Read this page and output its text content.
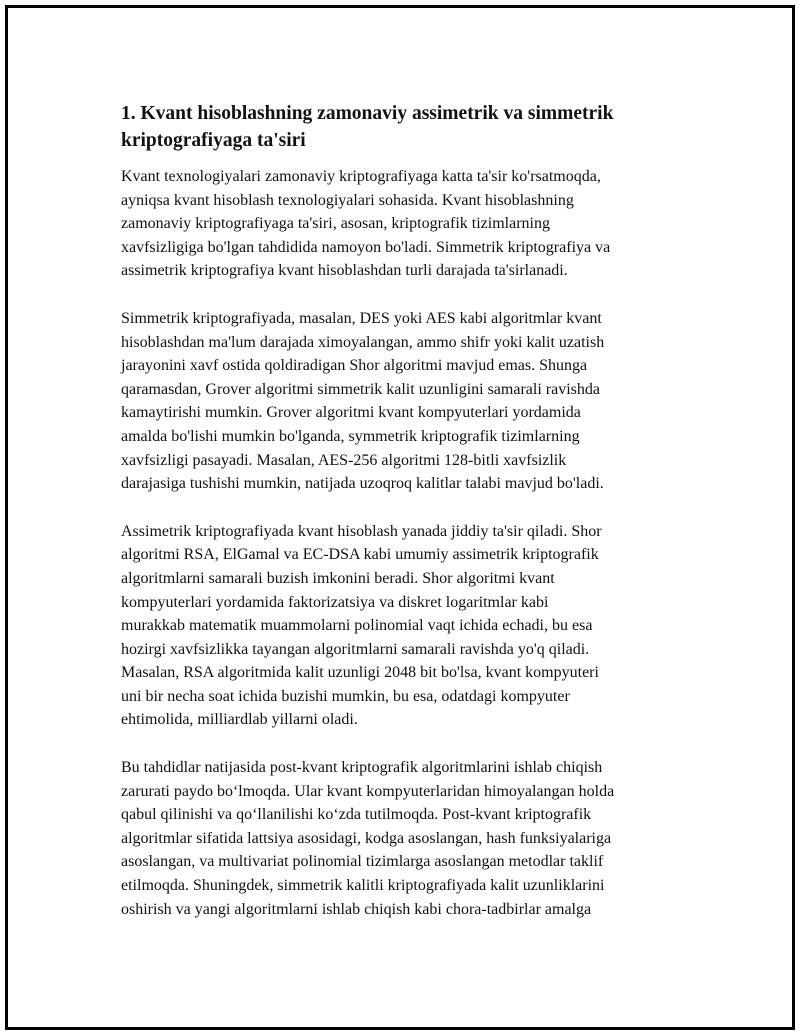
1. Kvant hisoblashning zamonaviy assimetrik va simmetrik
kriptografiyaga ta'siri
Kvant texnologiyalari zamonaviy kriptografiyaga katta ta'sir ko'rsatmoqda,
ayniqsa kvant hisoblash texnologiyalari sohasida. Kvant hisoblashning
zamonaviy kriptografiyaga ta'siri, asosan, kriptografik tizimlarning
xavfsizligiga bo'lgan tahdidida namoyon bo'ladi. Simmetrik kriptografiya va
assimetrik kriptografiya kvant hisoblashdan turli darajada ta'sirlanadi.
Simmetrik kriptografiyada, masalan, DES yoki AES kabi algoritmlar kvant
hisoblashdan ma'lum darajada ximoyalangan, ammo shifr yoki kalit uzatish
jarayonini xavf ostida qoldiradigan Shor algoritmi mavjud emas. Shunga
qaramasdan, Grover algoritmi simmetrik kalit uzunligini samarali ravishda
kamaytirishi mumkin. Grover algoritmi kvant kompyuterlari yordamida
amalda bo'lishi mumkin bo'lganda, symmetrik kriptografik tizimlarning
xavfsizligi pasayadi. Masalan, AES-256 algoritmi 128-bitli xavfsizlik
darajasiga tushishi mumkin, natijada uzoqroq kalitlar talabi mavjud bo'ladi.
Assimetrik kriptografiyada kvant hisoblash yanada jiddiy ta'sir qiladi. Shor
algoritmi RSA, ElGamal va EC-DSA kabi umumiy assimetrik kriptografik
algoritmlarni samarali buzish imkonini beradi. Shor algoritmi kvant
kompyuterlari yordamida faktorizatsiya va diskret logaritmlar kabi
murakkab matematik muammolarni polinomial vaqt ichida echadi, bu esa
hozirgi xavfsizlikka tayangan algoritmlarni samarali ravishda yo'q qiladi.
Masalan, RSA algoritmida kalit uzunligi 2048 bit bo'lsa, kvant kompyuteri
uni bir necha soat ichida buzishi mumkin, bu esa, odatdagi kompyuter
ehtimolida, milliardlab yillarni oladi.
Bu tahdidlar natijasida post-kvant kriptografik algoritmlarini ishlab chiqish
zarurati paydo bo‘lmoqda. Ular kvant kompyuterlaridan himoyalangan holda
qabul qilinishi va qo‘llanilishi ko‘zda tutilmoqda. Post-kvant kriptografik
algoritmlar sifatida lattsiya asosidagi, kodga asoslangan, hash funksiyalariga
asoslangan, va multivariat polinomial tizimlarga asoslangan metodlar taklif
etilmoqda. Shuningdek, simmetrik kalitli kriptografiyada kalit uzunliklarini
oshirish va yangi algoritmlarni ishlab chiqish kabi chora-tadbirlar amalga
